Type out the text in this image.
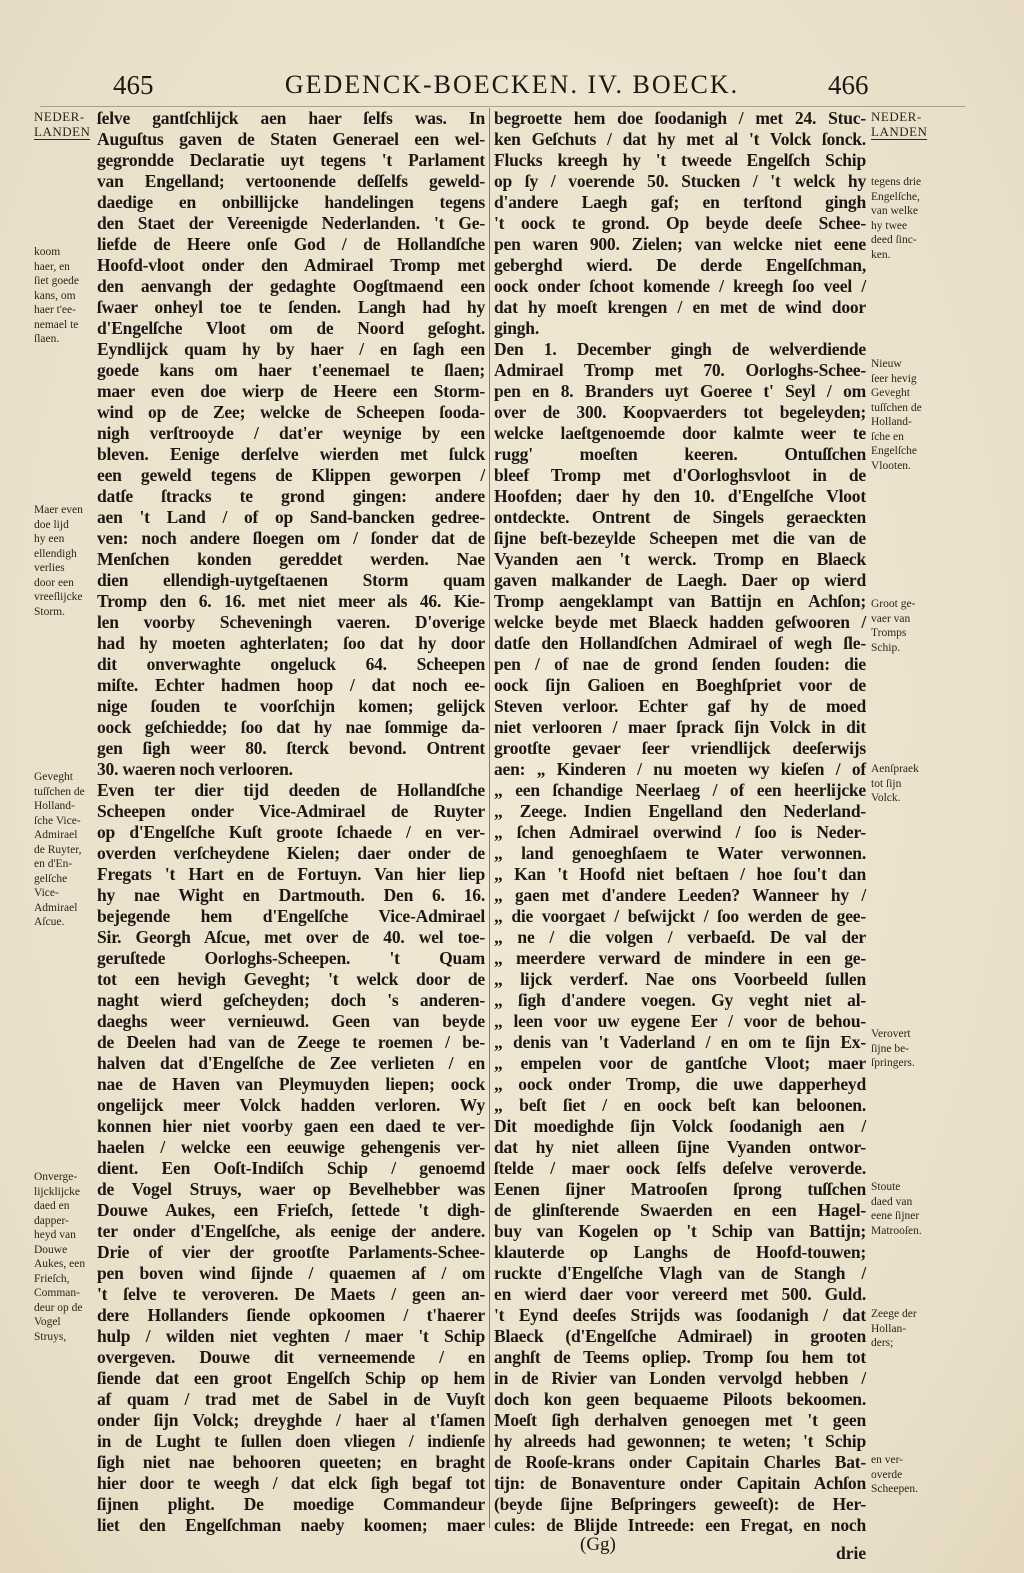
465	GEDENCK-BOECKEN. IV. BOECK.	466
ſelve gantſchlijck aen haer ſelfs was. In
Auguſtus gaven de Staten Generael een wel-
gegrondde Declaratie uyt tegens 't Parlament
van Engelland; vertoonende deſſelfs geweld-
daedige en onbillijcke handelingen tegens
den Staet der Vereenigde Nederlanden. 't Ge-
liefde de Heere onſe God / de Hollandſche
Hoofd-vloot onder den Admirael Tromp met
den aenvangh der gedaghte Oogſtmaend een
ſwaer onheyl toe te ſenden. Langh had hy
d'Engelſche Vloot om de Noord geſoght.
Eyndlijck quam hy by haer / en ſagh een
goede kans om haer t'eenemael te ſlaen;
maer even doe wierp de Heere een Storm-
wind op de Zee; welcke de Scheepen ſooda-
nigh verſtrooyde / dat'er weynige by een
bleven. Eenige derſelve wierden met ſulck
een geweld tegens de Klippen geworpen /
datſe ſtracks te grond gingen: andere
aen 't Land / of op Sand-bancken gedree-
ven: noch andere ſloegen om / ſonder dat de
Menſchen konden gereddet werden. Nae
dien ellendigh-uytgeſtaenen Storm quam
Tromp den 6. 16. met niet meer als 46. Kie-
len voorby Scheveningh vaeren. D'overige
had hy moeten aghterlaten; ſoo dat hy door
dit onverwaghte ongeluck 64. Scheepen
miſte. Echter hadmen hoop / dat noch ee-
nige ſouden te voorſchijn komen; gelijck
oock geſchiedde; ſoo dat hy nae ſommige da-
gen ſigh weer 80. ſterck bevond. Ontrent
30. waeren noch verlooren.
Even ter dier tijd deeden de Hollandſche
Scheepen onder Vice-Admirael de Ruyter
op d'Engelſche Kuſt groote ſchaede / en ver-
overden verſcheydene Kielen; daer onder de
Fregats 't Hart en de Fortuyn. Van hier liep
hy nae Wight en Dartmouth. Den 6. 16.
bejegende hem d'Engelſche Vice-Admirael
Sir. Georgh Aſcue, met over de 40. wel toe-
geruſtede Oorloghs-Scheepen. 't Quam
tot een hevigh Geveght; 't welck door de
naght wierd geſcheyden; doch 's anderen-
daeghs weer vernieuwd. Geen van beyde
de Deelen had van de Zeege te roemen / be-
halven dat d'Engelſche de Zee verlieten / en
nae de Haven van Pleymuyden liepen; oock
ongelijck meer Volck hadden verloren. Wy
konnen hier niet voorby gaen een daed te ver-
haelen / welcke een eeuwige gehengenis ver-
dient. Een Ooſt-Indiſch Schip / genoemd
de Vogel Struys, waer op Bevelhebber was
Douwe Aukes, een Frieſch, ſettede 't digh-
ter onder d'Engelſche, als eenige der andere.
Drie of vier der grootſte Parlaments-Schee-
pen boven wind ſijnde / quaemen af / om
't ſelve te veroveren. De Maets / geen an-
dere Hollanders ſiende opkoomen / t'haerer
hulp / wilden niet veghten / maer 't Schip
overgeven. Douwe dit verneemende / en
ſiende dat een groot Engelſch Schip op hem
af quam / trad met de Sabel in de Vuyſt
onder ſijn Volck; dreyghde / haer al t'ſamen
in de Lught te ſullen doen vliegen / indienſe
ſigh niet nae behooren queeten; en braght
hier door te weegh / dat elck ſigh begaf tot
ſijnen plight. De moedige Commandeur
liet den Engelſchman naeby koomen; maer
begroette hem doe ſoodanigh / met 24. Stuc-
ken Geſchuts / dat hy met al 't Volck ſonck.
Flucks kreegh hy 't tweede Engelſch Schip
op ſy / voerende 50. Stucken / 't welck hy
d'andere Laegh gaf; en terſtond gingh
't oock te grond. Op beyde deeſe Schee-
pen waren 900. Zielen; van welcke niet eene
geberghd wierd. De derde Engelſchman,
oock onder ſchoot komende / kreegh ſoo veel /
dat hy moeſt krengen / en met de wind door
gingh.
Den 1. December gingh de welverdiende
Admirael Tromp met 70. Oorloghs-Schee-
pen en 8. Branders uyt Goeree t' Seyl / om
over de 300. Koopvaerders tot begeleyden;
welcke laeſtgenoemde door kalmte weer te
rugg' moeſten keeren. Ontuſſchen
bleef Tromp met d'Oorloghsvloot in de
Hoofden; daer hy den 10. d'Engelſche Vloot
ontdeckte. Ontrent de Singels geraeckten
ſijne beſt-bezeylde Scheepen met die van de
Vyanden aen 't werck. Tromp en Blaeck
gaven malkander de Laegh. Daer op wierd
Tromp aengeklampt van Battijn en Achſon;
welcke beyde met Blaeck hadden geſwooren /
datſe den Hollandſchen Admirael of wegh ſle-
pen / of nae de grond ſenden ſouden: die
oock ſijn Galioen en Boeghſpriet voor de
Steven verloor. Echter gaf hy de moed
niet verlooren / maer ſprack ſijn Volck in dit
grootſte gevaer ſeer vriendlijck deeſerwijs
aen: „ Kinderen / nu moeten wy kieſen / of
„ een ſchandige Neerlaeg / of een heerlijcke
„ Zeege. Indien Engelland den Nederland-
„ ſchen Admirael overwind / ſoo is Neder-
„ land genoeghſaem te Water verwonnen.
„ Kan 't Hoofd niet beſtaen / hoe ſou't dan
„ gaen met d'andere Leeden? Wanneer hy /
„ die voorgaet / beſwijckt / ſoo werden de gee-
„ ne / die volgen / verbaeſd. De val der
„ meerdere verward de mindere in een ge-
„ lijck verderf. Nae ons Voorbeeld ſullen
„ ſigh d'andere voegen. Gy veght niet al-
„ leen voor uw eygene Eer / voor de behou-
„ denis van 't Vaderland / en om te ſijn Ex-
„ empelen voor de gantſche Vloot; maer
„ oock onder Tromp, die uwe dapperheyd
„ beſt ſiet / en oock beſt kan beloonen.
Dit moedighde ſijn Volck ſoodanigh aen /
dat hy niet alleen ſijne Vyanden ontwor-
ſtelde / maer oock ſelfs deſelve veroverde.
Eenen ſijner Matrooſen ſprong tuſſchen
de glinſterende Swaerden en een Hagel-
buy van Kogelen op 't Schip van Battijn;
klauterde op Langhs de Hoofd-touwen;
ruckte d'Engelſche Vlagh van de Stangh /
en wierd daer voor vereerd met 500. Guld.
't Eynd deeſes Strijds was ſoodanigh / dat
Blaeck (d'Engelſche Admirael) in grooten
anghſt de Teems opliep. Tromp ſou hem tot
in de Rivier van Londen vervolgd hebben /
doch kon geen bequaeme Piloots bekoomen.
Moeſt ſigh derhalven genoegen met 't geen
hy alreeds had gewonnen; te weten; 't Schip
de Rooſe-krans onder Capitain Charles Bat-
tijn: de Bonaventure onder Capitain Achſon
(beyde ſijne Beſpringers geweeſt): de Her-
cules: de Blijde Intreede: een Fregat, en noch
NEDER-
LANDEN
NEDER-
LANDEN
koom
haer, en
ſiet goede
kans, om
haer t'ee-
nemael te
ſlaen.
Maer even
doe lijd
hy een
ellendigh
verlies
door een
vreeſlijcke
Storm.
Geveght
tuſſchen de
Holland-
ſche Vice-
Admirael
de Ruyter,
en d'En-
gelſche
Vice-
Admirael
Aſcue.
Onverge-
lijcklijcke
daed en
dapper-
heyd van
Douwe
Aukes, een
Frieſch,
Comman-
deur op de
Vogel
Struys,
tegens drie
Engelſche,
van welke
hy twee
deed ſinc-
ken.
Nieuw
ſeer hevig
Geveght
tuſſchen de
Holland-
ſche en
Engelſche
Vlooten.
Groot ge-
vaer van
Tromps
Schip.
Aenſpraek
tot ſijn
Volck.
Verovert
ſijne be-
ſpringers.
Stoute
daed van
eene ſijner
Matrooſen.
Zeege der
Hollan-
ders;
en ver-
overde
Scheepen.
(Gg)	drie
